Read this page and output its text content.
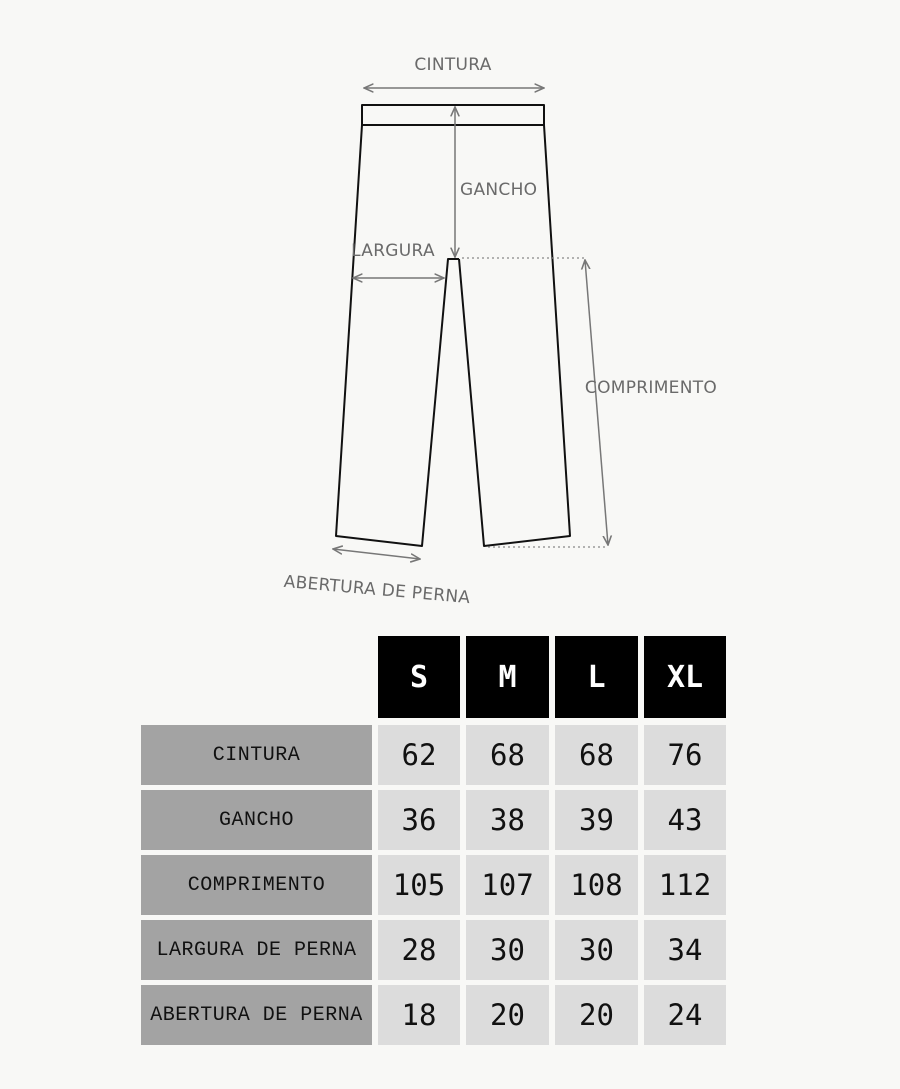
CINTURA
GANCHO
LARGURA
COMPRIMENTO
ABERTURA DE PERNA
S	M	L	XL
CINTURA	62	68	68	76
GANCHO	36	38	39	43
COMPRIMENTO	105	107	108	112
LARGURA DE PERNA	28	30	30	34
ABERTURA DE PERNA	18	20	20	24
